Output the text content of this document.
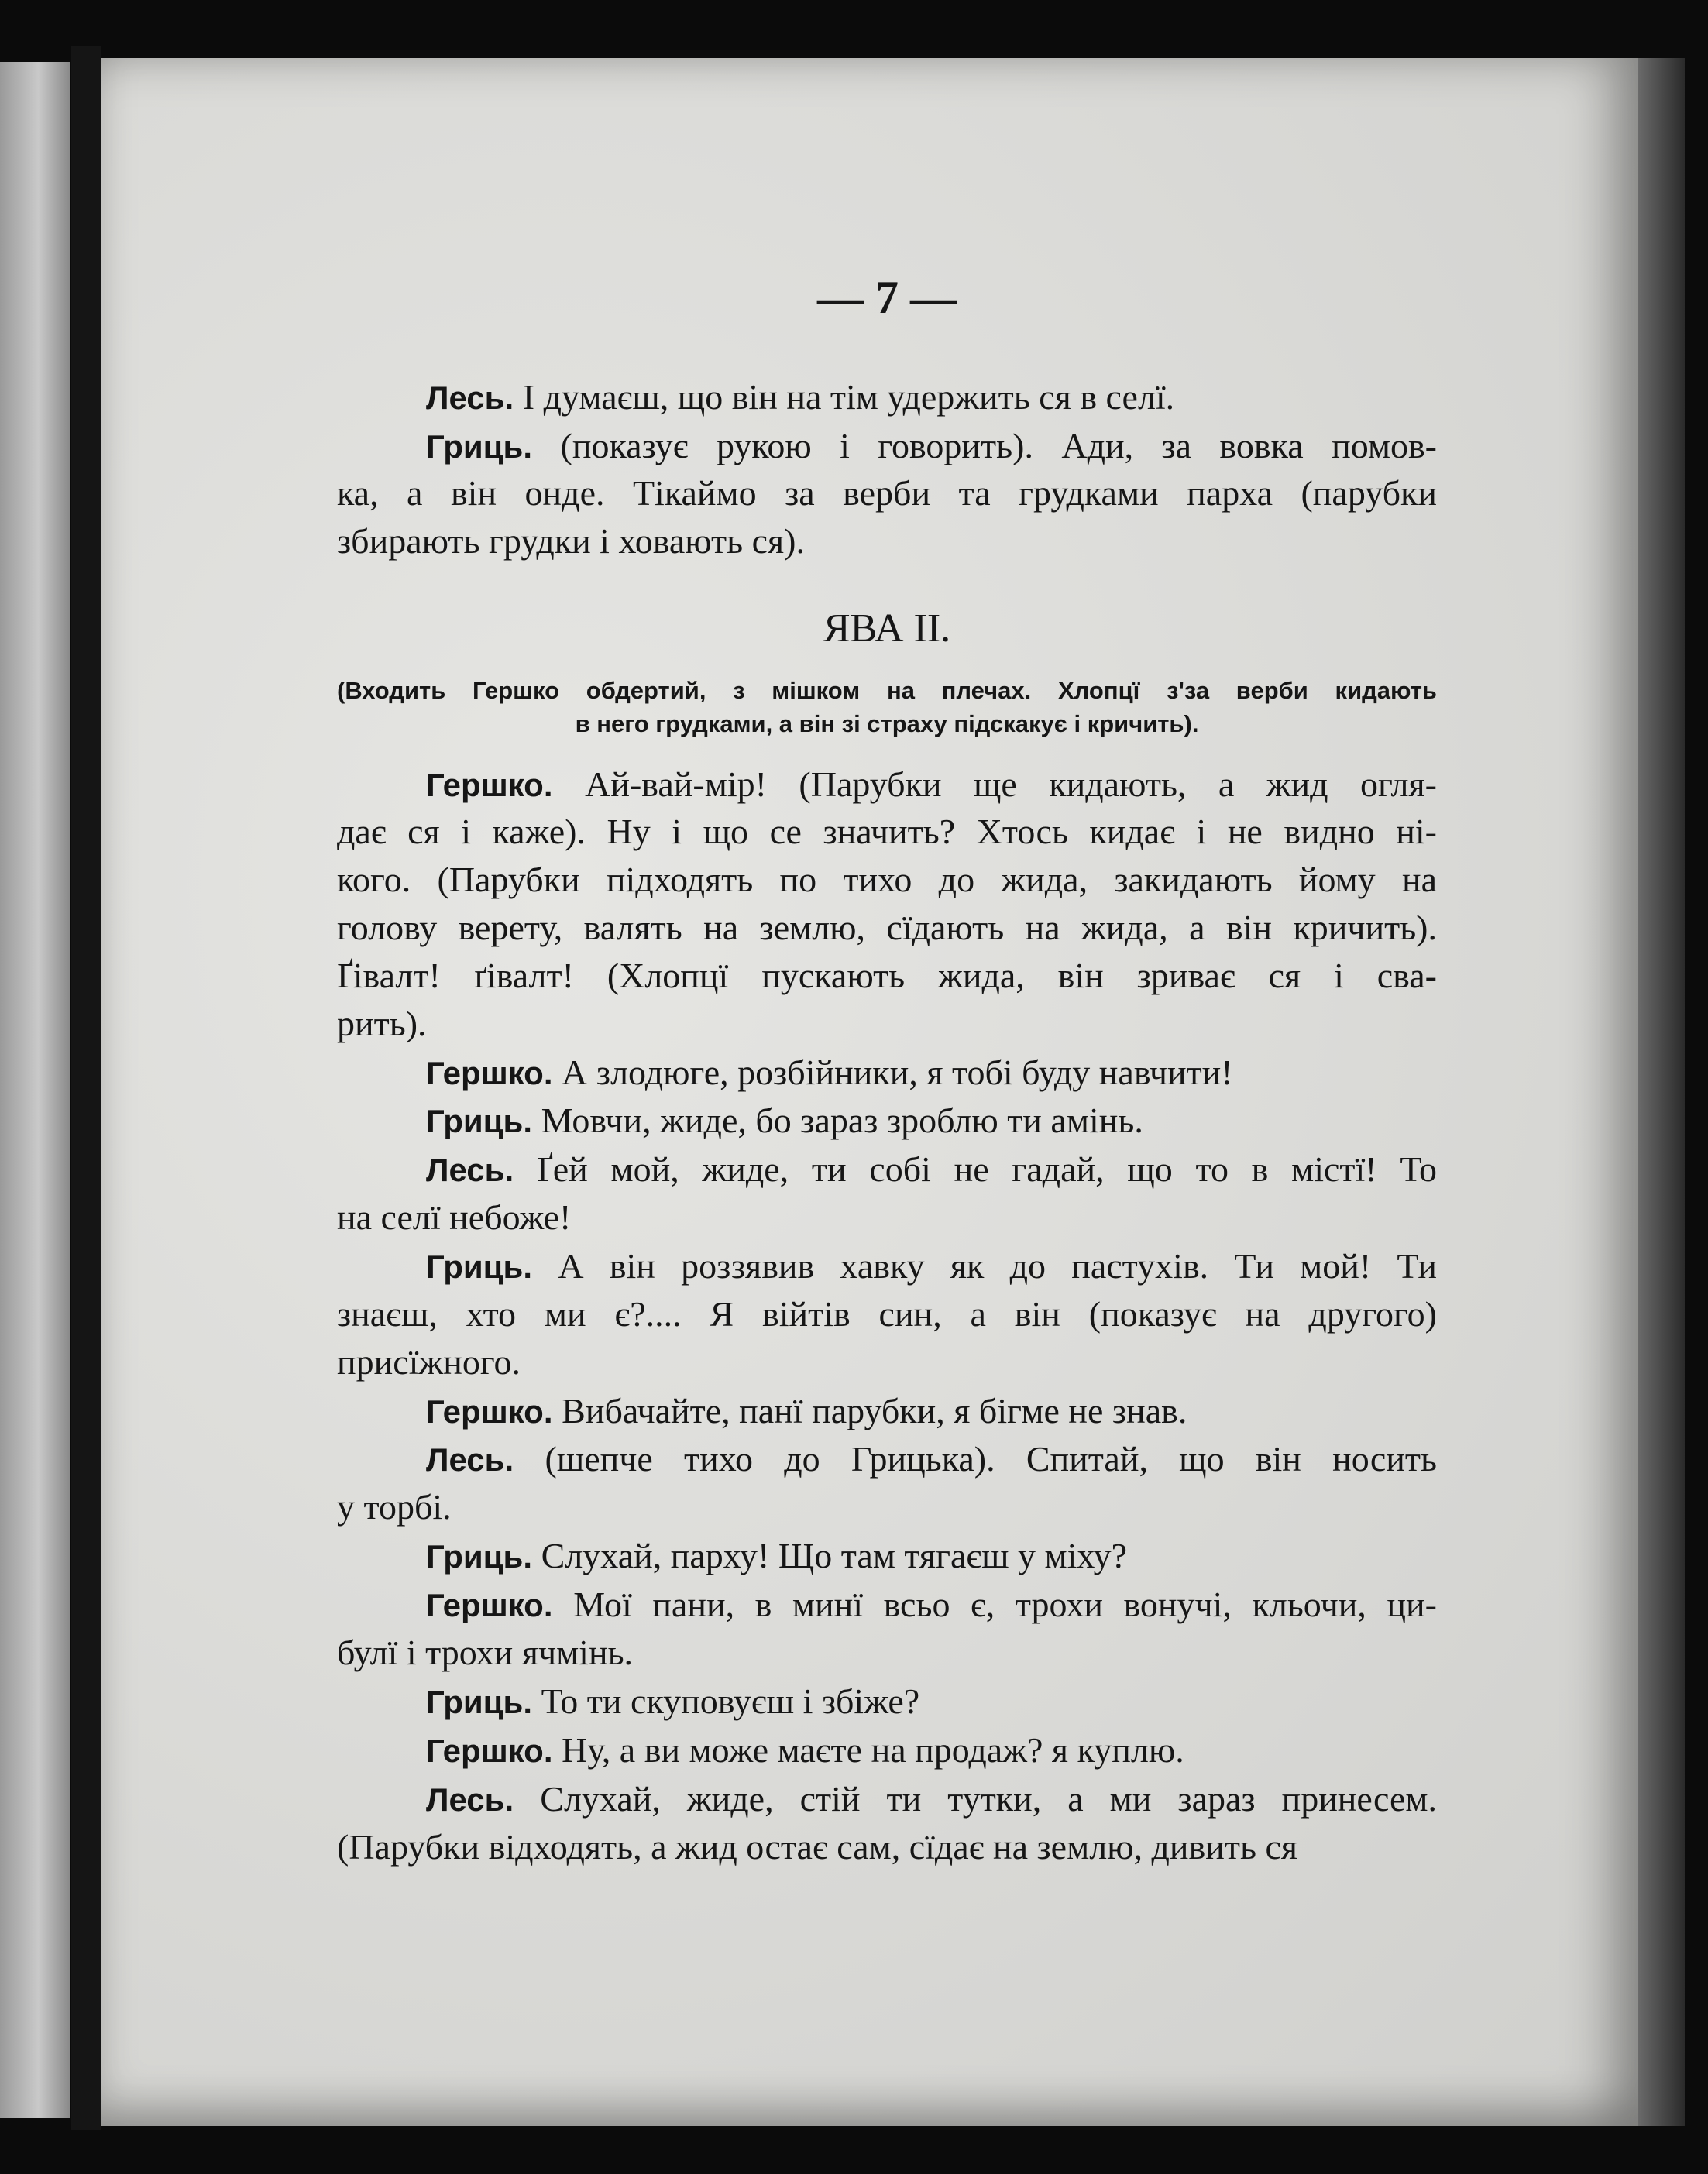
— 7 —
Лесь. І думаєш, що він на тім удержить ся в селї.
Гриць. (показує рукою і говорить). Ади, за вовка помов-
ка, а він онде. Тікаймо за верби та грудками парха (парубки
збирають грудки і ховають ся).
ЯВА II.
(Входить Гершко обдертий, з мішком на плечах. Хлопцї з'за верби кидають
в него грудками, а він зі страху підскакує і кричить).
Гершко. Ай-вай-мір! (Парубки ще кидають, а жид огля-
дає ся і каже). Ну і що се значить? Хтось кидає і не видно ні-
кого. (Парубки підходять по тихо до жида, закидають йому на
голову верету, валять на землю, сїдають на жида, а він кричить).
Ґівалт! ґівалт! (Хлопцї пускають жида, він зриває ся і сва-
рить).
Гершко. А злодюге, розбійники, я тобі буду навчити!
Гриць. Мовчи, жиде, бо зараз зроблю ти амінь.
Лесь. Ґей мой, жиде, ти собі не гадай, що то в містї! То
на селї небоже!
Гриць. А він роззявив хавку як до пастухів. Ти мой! Ти
знаєш, хто ми є?.... Я війтів син, а він (показує на другого)
присїжного.
Гершко. Вибачайте, панї парубки, я бігме не знав.
Лесь. (шепче тихо до Грицька). Спитай, що він носить
у торбі.
Гриць. Слухай, парху! Що там тягаєш у міху?
Гершко. Мої пани, в минї всьо є, трохи вонучі, кльочи, ци-
булї і трохи ячмінь.
Гриць. То ти скуповуєш і збіже?
Гершко. Ну, а ви може маєте на продаж? я куплю.
Лесь. Слухай, жиде, стій ти тутки, а ми зараз принесем.
(Парубки відходять, а жид остає сам, сїдає на землю, дивить ся
